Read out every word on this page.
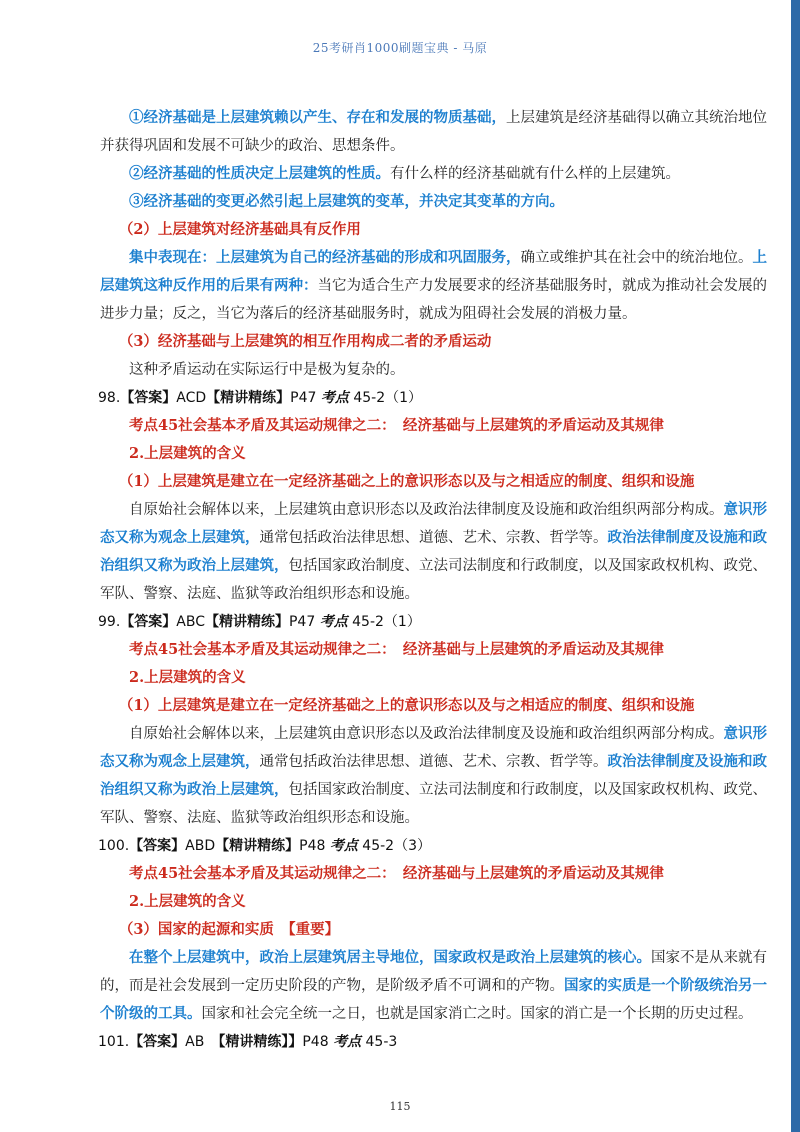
25考研肖1000刷题宝典 - 马原
①经济基础是上层建筑赖以产生、存在和发展的物质基础，上层建筑是经济基础得以确立其统治地位
并获得巩固和发展不可缺少的政治、思想条件。
②经济基础的性质决定上层建筑的性质。有什么样的经济基础就有什么样的上层建筑。
③经济基础的变更必然引起上层建筑的变革，并决定其变革的方向。
（2）上层建筑对经济基础具有反作用
集中表现在：上层建筑为自己的经济基础的形成和巩固服务，确立或维护其在社会中的统治地位。上
层建筑这种反作用的后果有两种：当它为适合生产力发展要求的经济基础服务时，就成为推动社会发展的
进步力量；反之，当它为落后的经济基础服务时，就成为阻碍社会发展的消极力量。
（3）经济基础与上层建筑的相互作用构成二者的矛盾运动
这种矛盾运动在实际运行中是极为复杂的。
98.【答案】ACD【精讲精练】P47 考点 45-2（1）
考点45社会基本矛盾及其运动规律之二：　经济基础与上层建筑的矛盾运动及其规律
2.上层建筑的含义
（1）上层建筑是建立在一定经济基础之上的意识形态以及与之相适应的制度、组织和设施
自原始社会解体以来，上层建筑由意识形态以及政治法律制度及设施和政治组织两部分构成。意识形
态又称为观念上层建筑，通常包括政治法律思想、道德、艺术、宗教、哲学等。政治法律制度及设施和政
治组织又称为政治上层建筑，包括国家政治制度、立法司法制度和行政制度，以及国家政权机构、政党、
军队、警察、法庭、监狱等政治组织形态和设施。
99.【答案】ABC【精讲精练】P47 考点 45-2（1）
考点45社会基本矛盾及其运动规律之二：　经济基础与上层建筑的矛盾运动及其规律
2.上层建筑的含义
（1）上层建筑是建立在一定经济基础之上的意识形态以及与之相适应的制度、组织和设施
自原始社会解体以来，上层建筑由意识形态以及政治法律制度及设施和政治组织两部分构成。意识形
态又称为观念上层建筑，通常包括政治法律思想、道德、艺术、宗教、哲学等。政治法律制度及设施和政
治组织又称为政治上层建筑，包括国家政治制度、立法司法制度和行政制度，以及国家政权机构、政党、
军队、警察、法庭、监狱等政治组织形态和设施。
100.【答案】ABD【精讲精练】P48 考点 45-2（3）
考点45社会基本矛盾及其运动规律之二：　经济基础与上层建筑的矛盾运动及其规律
2.上层建筑的含义
（3）国家的起源和实质　【重要】
在整个上层建筑中，政治上层建筑居主导地位，国家政权是政治上层建筑的核心。国家不是从来就有
的，而是社会发展到一定历史阶段的产物，是阶级矛盾不可调和的产物。国家的实质是一个阶级统治另一
个阶级的工具。国家和社会完全统一之日，也就是国家消亡之时。国家的消亡是一个长期的历史过程。
101.【答案】AB　【精讲精练】】P48 考点 45-3
115
